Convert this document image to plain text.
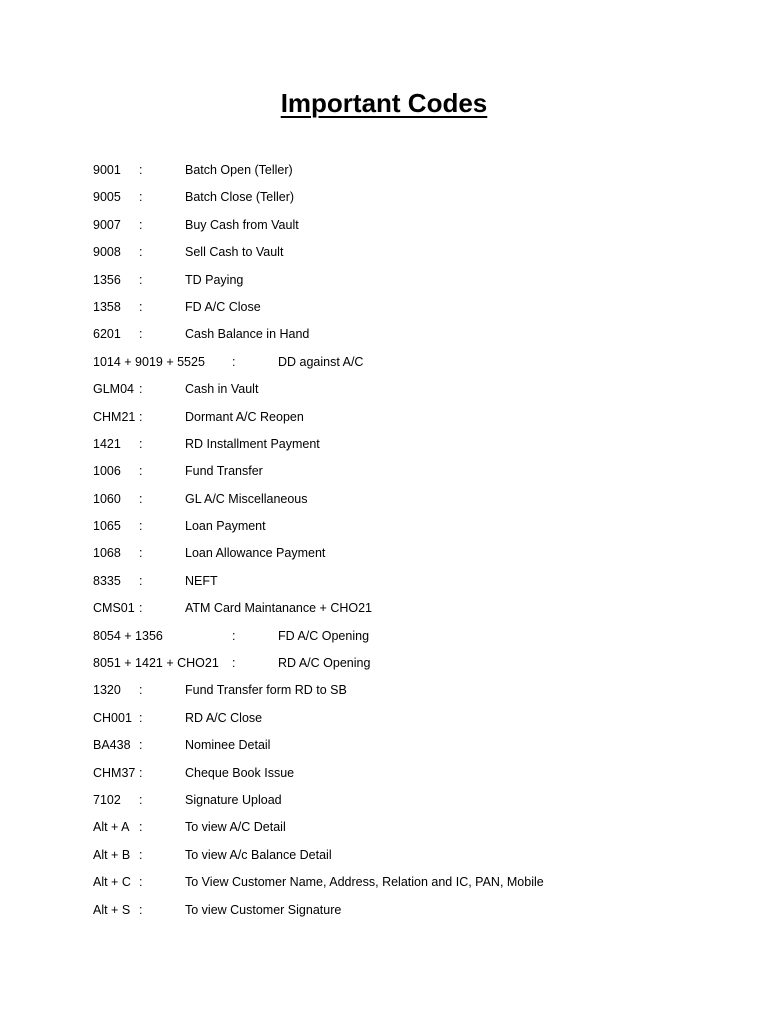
Important Codes
9001 :	Batch Open (Teller)
9005 :	Batch Close (Teller)
9007 :	Buy Cash from Vault
9008 :	Sell Cash to Vault
1356 :	TD Paying
1358 :	FD A/C Close
6201 :	Cash Balance in Hand
1014 + 9019 + 5525 :	DD against A/C
GLM04 :	Cash in Vault
CHM21 :	Dormant A/C Reopen
1421 :	RD Installment Payment
1006 :	Fund Transfer
1060 :	GL A/C Miscellaneous
1065 :	Loan Payment
1068 :	Loan Allowance Payment
8335 :	NEFT
CMS01 :	ATM Card Maintanance + CHO21
8054 + 1356	:	FD A/C Opening
8051 + 1421 + CHO21 :	RD A/C Opening
1320 :	Fund Transfer form RD to SB
CH001 :	RD A/C Close
BA438 :	Nominee Detail
CHM37 :	Cheque Book Issue
7102 :	Signature Upload
Alt + A :	To view A/C Detail
Alt + B :	To view A/c Balance Detail
Alt + C :	To View Customer Name, Address, Relation and IC, PAN, Mobile
Alt + S :	To view Customer Signature
